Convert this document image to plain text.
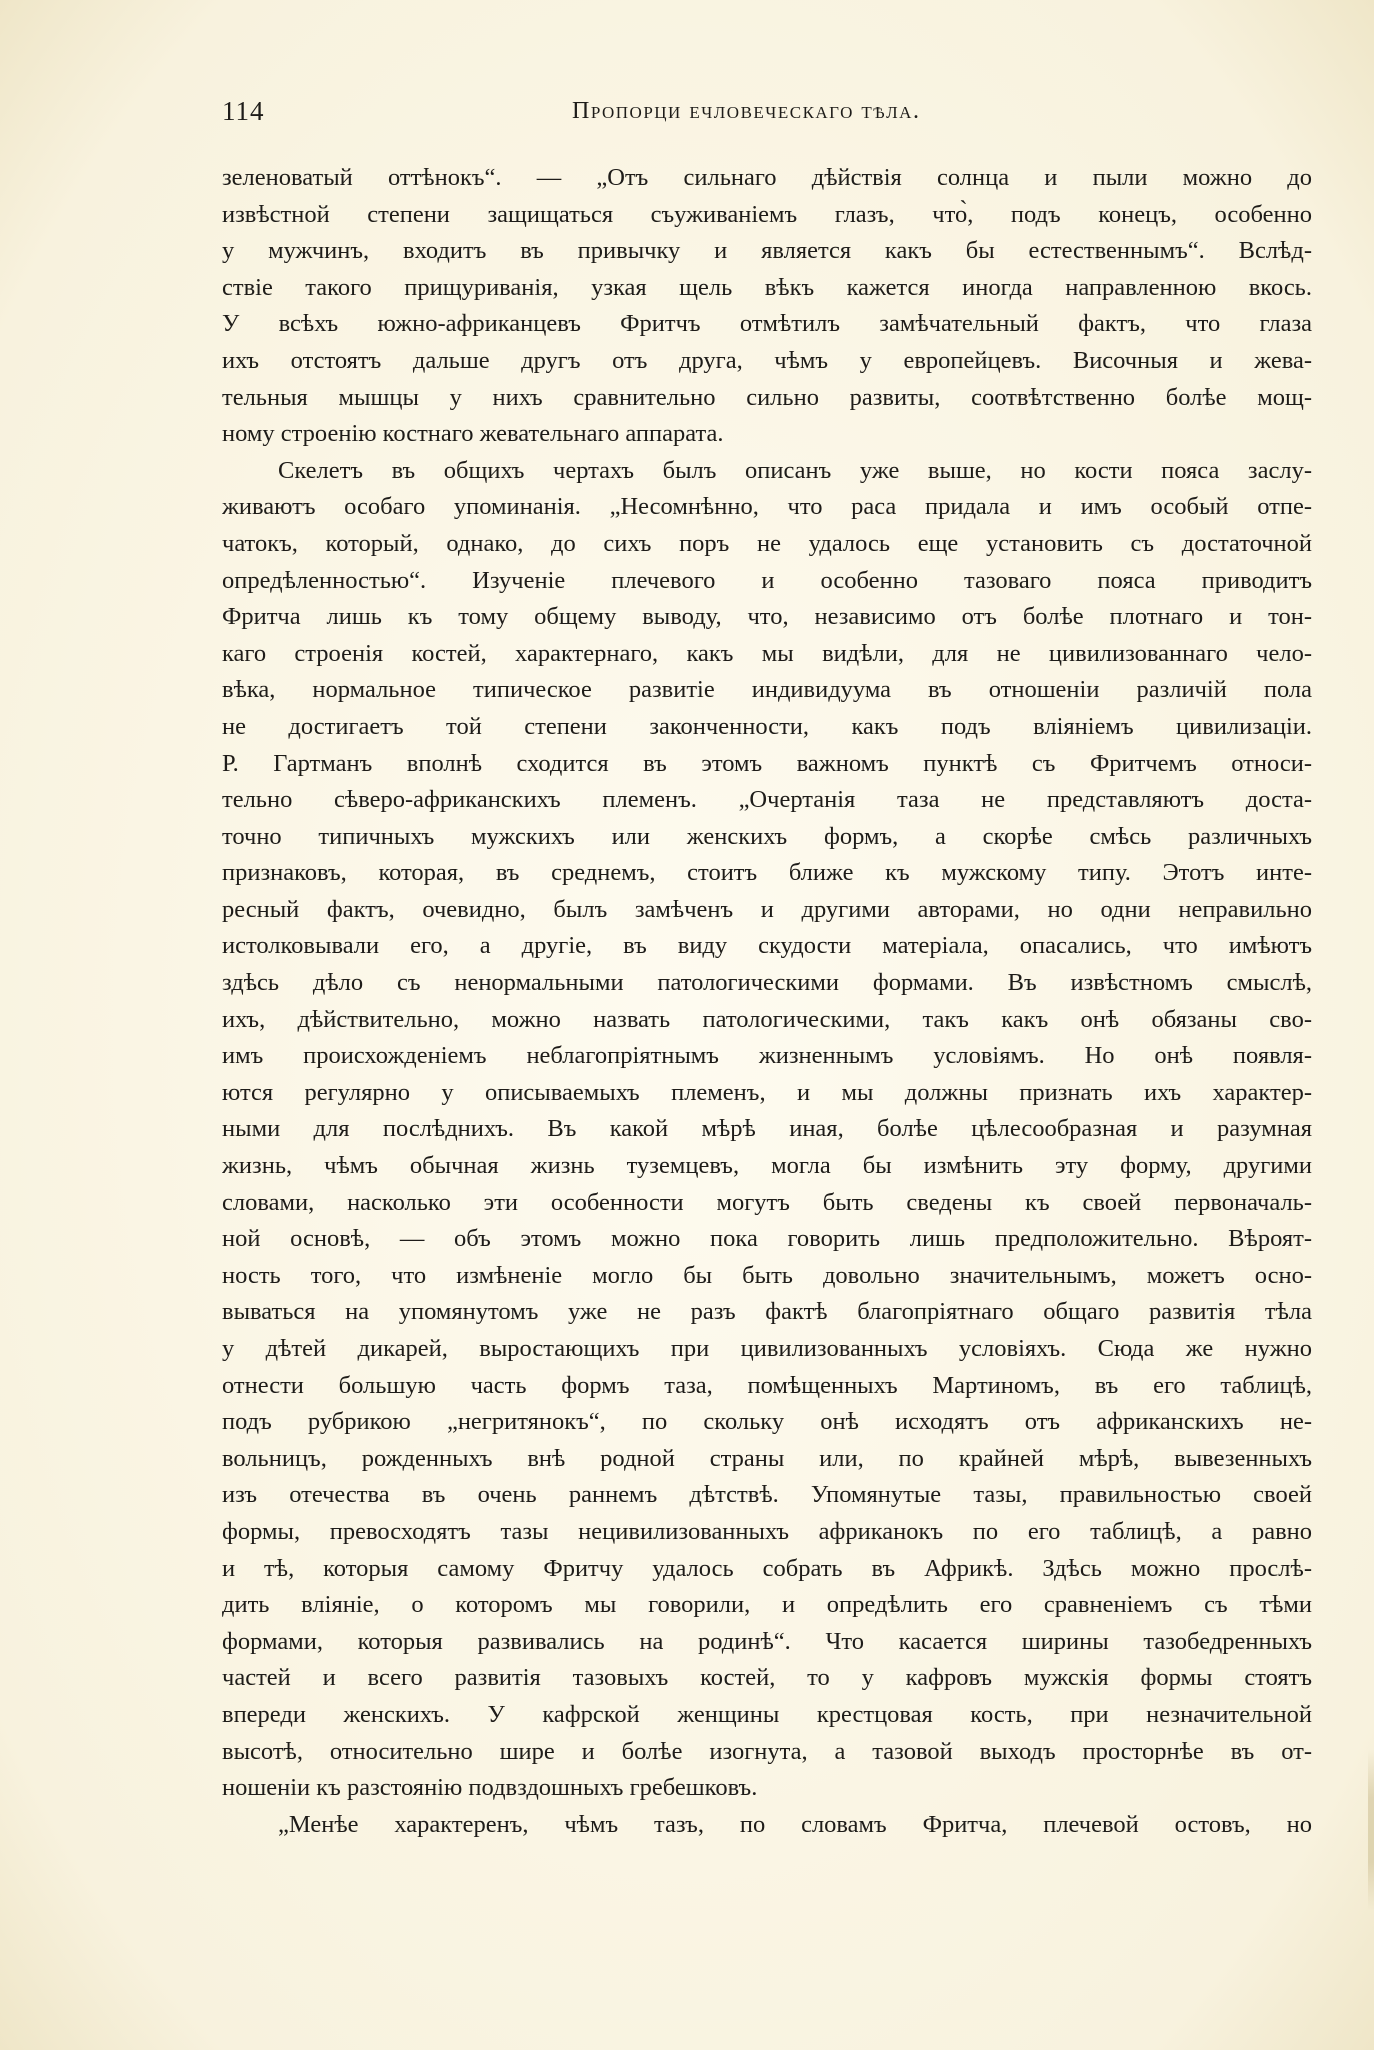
114	Пропорци ечловеческаго тѣла.
зеленоватый оттѣнокъ“. — „Отъ сильнаго дѣйствія солнца и пыли можно до
извѣстной степени защищаться съуживаніемъ глазъ, что̀, подъ конецъ, особенно
у мужчинъ, входитъ въ привычку и является какъ бы естественнымъ“. Вслѣд-
ствіе такого прищуриванія, узкая щель вѣкъ кажется иногда направленною вкось.
У всѣхъ южно-африканцевъ Фритчъ отмѣтилъ замѣчательный фактъ, что глаза
ихъ отстоятъ дальше другъ отъ друга, чѣмъ у европейцевъ. Височныя и жева-
тельныя мышцы у нихъ сравнительно сильно развиты, соотвѣтственно болѣе мощ-
ному строенію костнаго жевательнаго аппарата.
Скелетъ въ общихъ чертахъ былъ описанъ уже выше, но кости пояса заслу-
живаютъ особаго упоминанія. „Несомнѣнно, что раса придала и имъ особый отпе-
чатокъ, который, однако, до сихъ поръ не удалось еще установить съ достаточной
опредѣленностью“. Изученіе плечевого и особенно тазоваго пояса приводитъ
Фритча лишь къ тому общему выводу, что, независимо отъ болѣе плотнаго и тон-
каго строенія костей, характернаго, какъ мы видѣли, для не цивилизованнаго чело-
вѣка, нормальное типическое развитіе индивидуума въ отношеніи различій пола
не достигаетъ той степени законченности, какъ подъ вліяніемъ цивилизаціи.
Р. Гартманъ вполнѣ сходится въ этомъ важномъ пунктѣ съ Фритчемъ относи-
тельно сѣверо-африканскихъ племенъ. „Очертанія таза не представляютъ доста-
точно типичныхъ мужскихъ или женскихъ формъ, а скорѣе смѣсь различныхъ
признаковъ, которая, въ среднемъ, стоитъ ближе къ мужскому типу. Этотъ инте-
ресный фактъ, очевидно, былъ замѣченъ и другими авторами, но одни неправильно
истолковывали его, а другіе, въ виду скудости матеріала, опасались, что имѣютъ
здѣсь дѣло съ ненормальными патологическими формами. Въ извѣстномъ смыслѣ,
ихъ, дѣйствительно, можно назвать патологическими, такъ какъ онѣ обязаны сво-
имъ происхожденіемъ неблагопріятнымъ жизненнымъ условіямъ. Но онѣ появля-
ются регулярно у описываемыхъ племенъ, и мы должны признать ихъ характер-
ными для послѣднихъ. Въ какой мѣрѣ иная, болѣе цѣлесообразная и разумная
жизнь, чѣмъ обычная жизнь туземцевъ, могла бы измѣнить эту форму, другими
словами, насколько эти особенности могутъ быть сведены къ своей первоначаль-
ной основѣ, — объ этомъ можно пока говорить лишь предположительно. Вѣроят-
ность того, что измѣненіе могло бы быть довольно значительнымъ, можетъ осно-
вываться на упомянутомъ уже не разъ фактѣ благопріятнаго общаго развитія тѣла
у дѣтей дикарей, выростающихъ при цивилизованныхъ условіяхъ. Сюда же нужно
отнести большую часть формъ таза, помѣщенныхъ Мартиномъ, въ его таблицѣ,
подъ рубрикою „негритянокъ“, по скольку онѣ исходятъ отъ африканскихъ не-
вольницъ, рожденныхъ внѣ родной страны или, по крайней мѣрѣ, вывезенныхъ
изъ отечества въ очень раннемъ дѣтствѣ. Упомянутые тазы, правильностью своей
формы, превосходятъ тазы нецивилизованныхъ африканокъ по его таблицѣ, а равно
и тѣ, которыя самому Фритчу удалось собрать въ Африкѣ. Здѣсь можно прослѣ-
дить вліяніе, о которомъ мы говорили, и опредѣлить его сравненіемъ съ тѣми
формами, которыя развивались на родинѣ“. Что касается ширины тазобедренныхъ
частей и всего развитія тазовыхъ костей, то у кафровъ мужскія формы стоятъ
впереди женскихъ. У кафрской женщины крестцовая кость, при незначительной
высотѣ, относительно шире и болѣе изогнута, а тазовой выходъ просторнѣе въ от-
ношеніи къ разстоянію подвздошныхъ гребешковъ.
„Менѣе характеренъ, чѣмъ тазъ, по словамъ Фритча, плечевой остовъ, но
